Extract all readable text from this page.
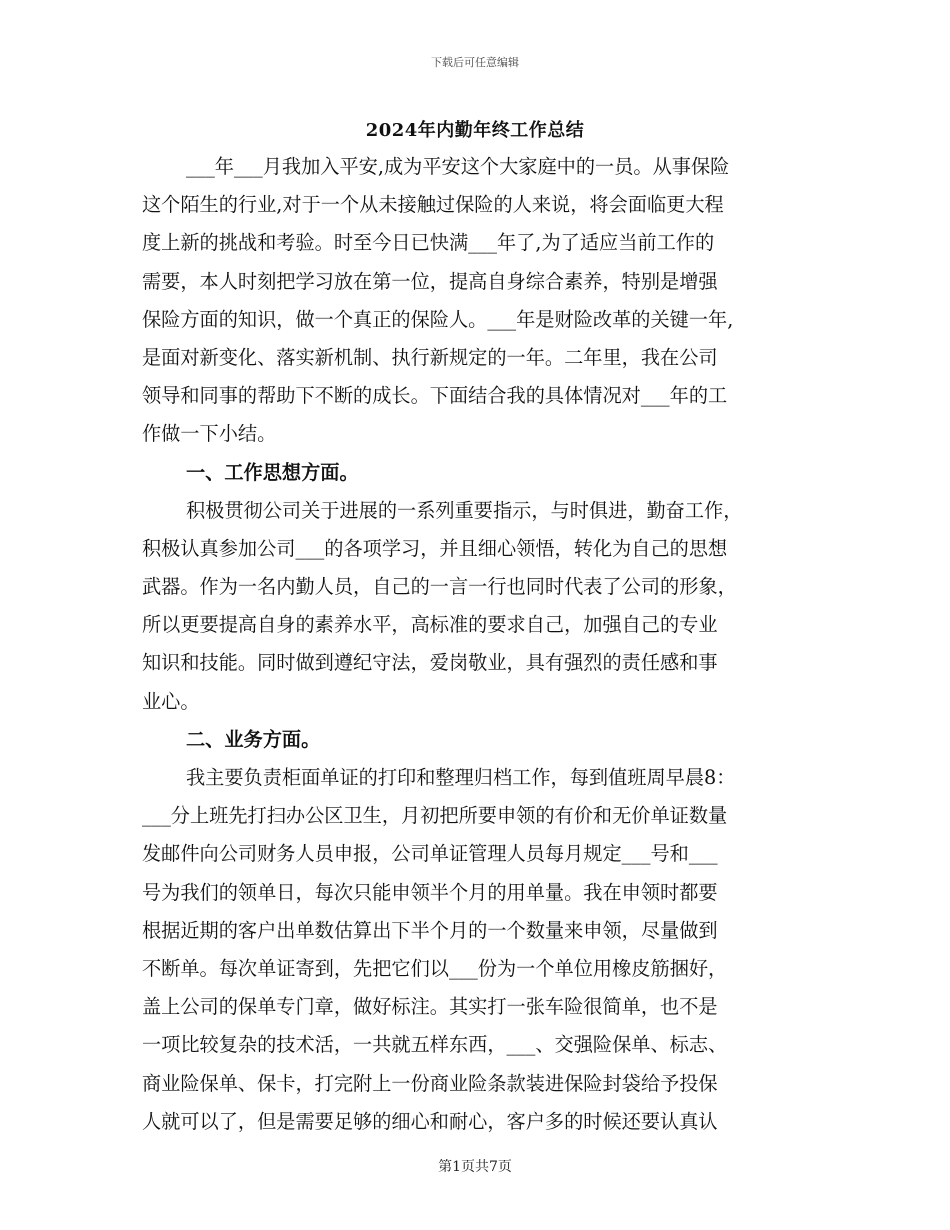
下载后可任意编辑
2024年内勤年终工作总结
___年___月我加入平安,成为平安这个大家庭中的一员。从事保险
这个陌生的行业,对于一个从未接触过保险的人来说，将会面临更大程
度上新的挑战和考验。时至今日已快满___年了,为了适应当前工作的
需要，本人时刻把学习放在第一位，提高自身综合素养，特别是增强
保险方面的知识，做一个真正的保险人。___年是财险改革的关键一年,
是面对新变化、落实新机制、执行新规定的一年。二年里，我在公司
领导和同事的帮助下不断的成长。下面结合我的具体情况对___年的工
作做一下小结。
一、工作思想方面。
积极贯彻公司关于进展的一系列重要指示，与时俱进，勤奋工作，
积极认真参加公司___的各项学习，并且细心领悟，转化为自己的思想
武器。作为一名内勤人员，自己的一言一行也同时代表了公司的形象，
所以更要提高自身的素养水平，高标准的要求自己，加强自己的专业
知识和技能。同时做到遵纪守法，爱岗敬业，具有强烈的责任感和事
业心。
二、业务方面。
我主要负责柜面单证的打印和整理归档工作，每到值班周早晨8：
___分上班先打扫办公区卫生，月初把所要申领的有价和无价单证数量
发邮件向公司财务人员申报，公司单证管理人员每月规定___号和___
号为我们的领单日，每次只能申领半个月的用单量。我在申领时都要
根据近期的客户出单数估算出下半个月的一个数量来申领，尽量做到
不断单。每次单证寄到，先把它们以___份为一个单位用橡皮筋捆好，
盖上公司的保单专门章，做好标注。其实打一张车险很简单，也不是
一项比较复杂的技术活，一共就五样东西，___、交强险保单、标志、
商业险保单、保卡，打完附上一份商业险条款装进保险封袋给予投保
人就可以了，但是需要足够的细心和耐心，客户多的时候还要认真认
第1页共7页
